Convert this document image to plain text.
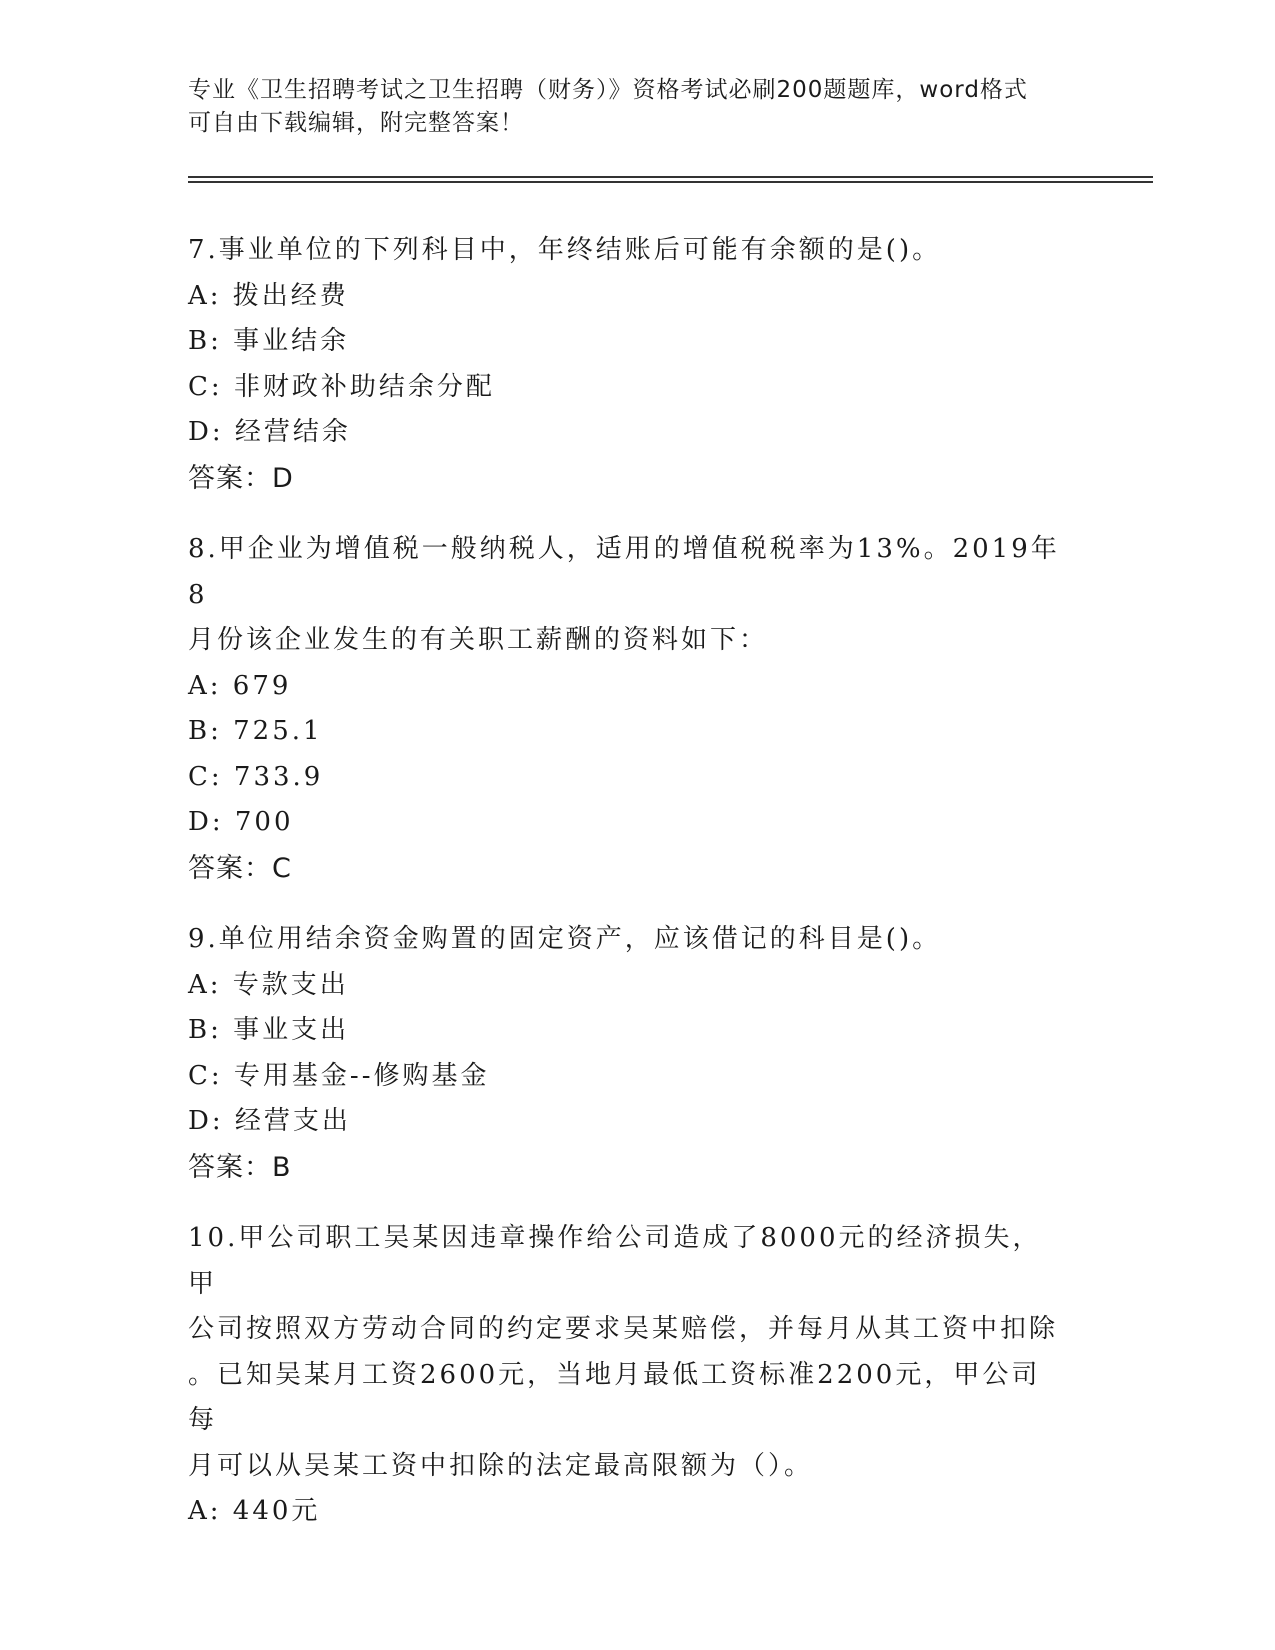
专业《卫生招聘考试之卫生招聘（财务）》资格考试必刷200题题库，word格式
可自由下载编辑，附完整答案！

7.事业单位的下列科目中，年终结账后可能有余额的是()。

A: 拨出经费

B: 事业结余

C: 非财政补助结余分配

D: 经营结余

答案：D

8.甲企业为增值税一般纳税人，适用的增值税税率为13%。2019年8

月份该企业发生的有关职工薪酬的资料如下：

A: 679

B: 725.1

C: 733.9

D: 700

答案：C

9.单位用结余资金购置的固定资产，应该借记的科目是()。

A: 专款支出

B: 事业支出

C: 专用基金--修购基金

D: 经营支出

答案：B

10.甲公司职工吴某因违章操作给公司造成了8000元的经济损失，甲

公司按照双方劳动合同的约定要求吴某赔偿，并每月从其工资中扣除

。已知吴某月工资2600元，当地月最低工资标准2200元，甲公司每

月可以从吴某工资中扣除的法定最高限额为（）。

A: 440元
